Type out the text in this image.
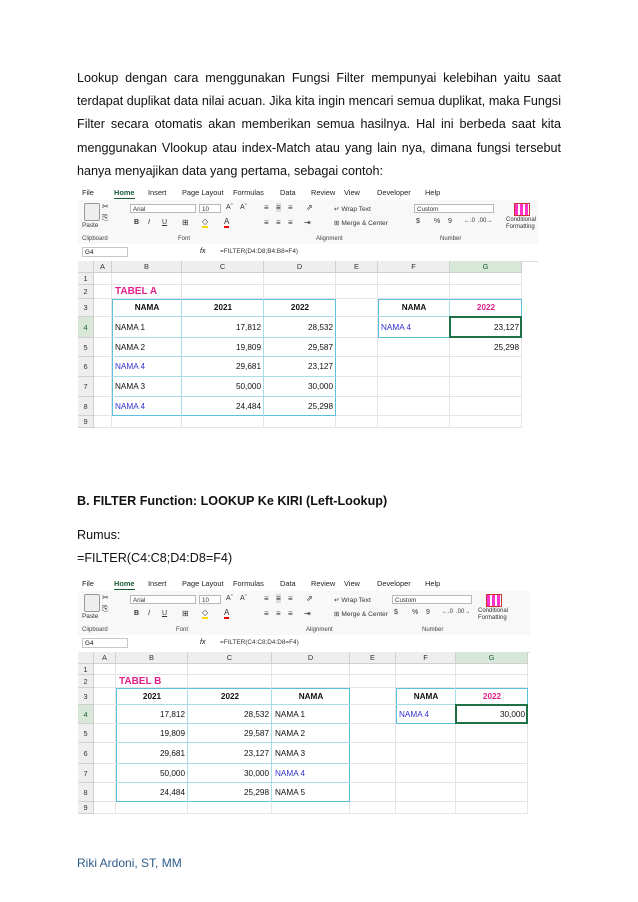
Lookup dengan cara menggunakan Fungsi Filter mempunyai kelebihan yaitu saat terdapat duplikat data nilai acuan. Jika kita ingin mencari semua duplikat, maka Fungsi Filter secara otomatis akan memberikan semua hasilnya. Hal ini berbeda saat kita menggunakan Vlookup atau index-Match atau yang lain nya, dimana fungsi tersebut hanya menyajikan data yang pertama, sebagai contoh:
File	Home Insert Page Layout Formulas Data Review View Developer Help
✂
⎘
Paste
Arial	10	Aˆ Aˇ
B I U ⊞ ◇ A
≡ ≡ ≡ ⇗
≡ ≡ ≡ ⇥
↵ Wrap Text
⊞ Merge & Center
Custom
$ % 9 ←.0 .00→ Conditional Formatting
Clipboard	Font	Alignment	Number
G4	fx =FILTER(D4:D8;B4:B8=F4)
A	B	C	D	E	F	G
1
2
3
4
5
6
7
8
9
TABEL A
NAMA	2021	2022
NAMA 1	17,812	28,532
NAMA 2	19,809	29,587
NAMA 4	29,681	23,127
NAMA 3	50,000	30,000
NAMA 4	24,484	25,298
NAMA	2022
NAMA 4	23,127
25,298
B. FILTER Function: LOOKUP Ke KIRI (Left-Lookup)
Rumus:
=FILTER(C4:C8;D4:D8=F4)
File	Home Insert Page Layout Formulas Data Review View Developer Help
✂
⎘
Paste
Arial	10	Aˆ Aˇ
B I U ⊞ ◇ A
≡ ≡ ≡ ⇗
≡ ≡ ≡ ⇥
↵ Wrap Text
⊞ Merge & Center
Custom
$ % 9 ←.0 .00→ Conditional Formatting
Clipboard	Font	Alignment	Number
G4	fx =FILTER(C4:C8;D4:D8=F4)
A	B	C	D	E	F	G
1
2
3
4
5
6
7
8
9
TABEL B
2021	2022	NAMA
17,812	28,532 NAMA 1
19,809	29,587 NAMA 2
29,681	23,127 NAMA 3
50,000	30,000 NAMA 4
24,484	25,298 NAMA 5
NAMA	2022
NAMA 4	30,000
Riki Ardoni, ST, MM
